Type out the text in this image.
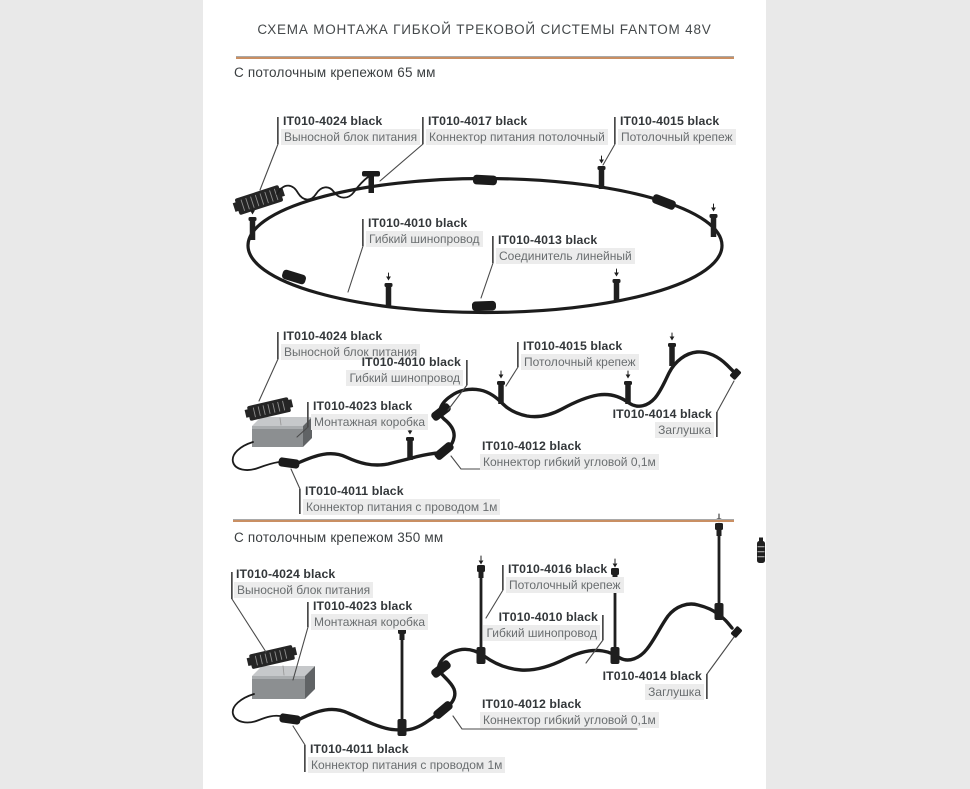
СХЕМА МОНТАЖА ГИБКОЙ ТРЕКОВОЙ СИСТЕМЫ FANTOM 48V
С потолочным крепежом 65 мм
С потолочным крепежом 350 мм
IT010-4024 black
Выносной блок питания
IT010-4017 black
Коннектор питания потолочный
IT010-4015 black
Потолочный крепеж
IT010-4010 black
Гибкий шинопровод IT010-4013 black
Соединитель линейный
IT010-4024 black
Выносной блок питания
IT010-4010 black
Гибкий шинопровод
IT010-4015 black
Потолочный крепеж
IT010-4023 black
Монтажная коробка
IT010-4014 black
Заглушка
IT010-4012 black
Коннектор гибкий угловой 0,1м
IT010-4011 black
Коннектор питания с проводом 1м
IT010-4024 black
Выносной блок питания
IT010-4023 black
Монтажная коробка
IT010-4016 black
Потолочный крепеж
IT010-4010 black
Гибкий шинопровод
IT010-4014 black
Заглушка
IT010-4012 black
Коннектор гибкий угловой 0,1м
IT010-4011 black
Коннектор питания с проводом 1м
